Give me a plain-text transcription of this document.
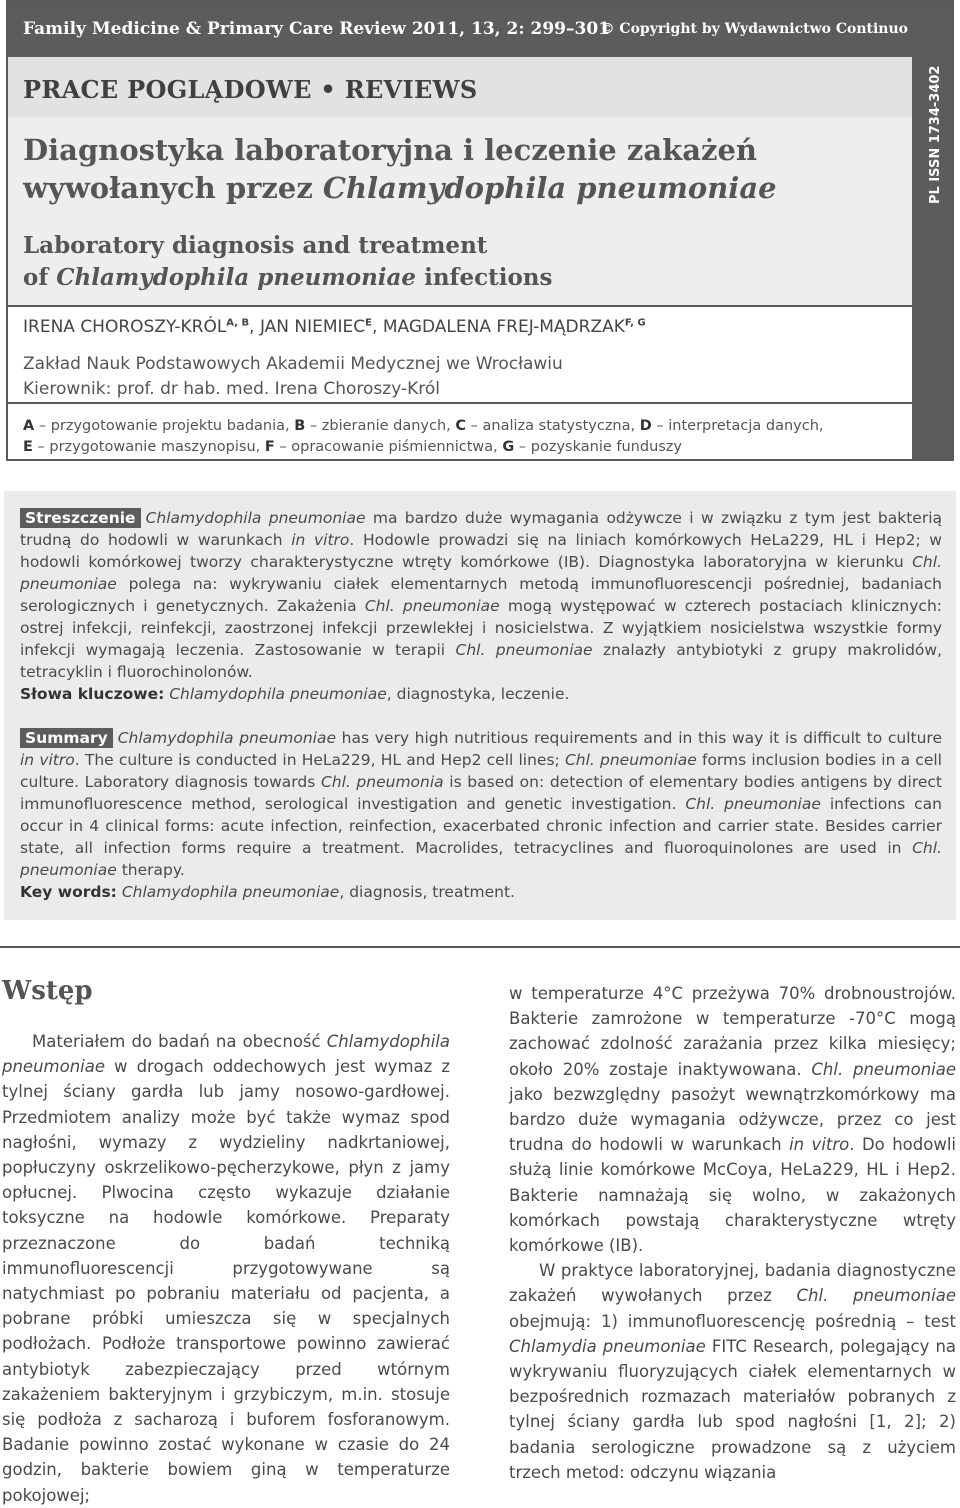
Family Medicine & Primary Care Review 2011, 13, 2: 299–301
© Copyright by Wydawnictwo Continuo
PL ISSN 1734-3402
PRACE POGLĄDOWE • REVIEWS
Diagnostyka laboratoryjna i leczenie zakażeń
wywołanych przez Chlamydophila pneumoniae
Laboratory diagnosis and treatment
of Chlamydophila pneumoniae infections
IRENA CHOROSZY-$KRÓL^{A, B}$, JAN $NIEMIEC^E$, MAGDALENA FREJ-$MĄDRZAK^{F, G}$
Zakład Nauk Podstawowych Akademii Medycznej we Wrocławiu
Kierownik: prof. dr hab. med. Irena Choroszy-Król
A – przygotowanie projektu badania, B – zbieranie danych, C – analiza statystyczna, D – interpretacja danych,
E – przygotowanie maszynopisu, F – opracowanie piśmiennictwa, G – pozyskanie funduszy
Streszczenie Chlamydophila pneumoniae ma bardzo duże wymagania odżywcze i w związku z tym jest bakterią trudną do hodowli w warunkach in vitro. Hodowle prowadzi się na liniach komórkowych HeLa229, HL i Hep2; w hodowli komórkowej tworzy charakterystyczne wtręty komórkowe (IB). Diagnostyka laboratoryjna w kierunku Chl. pneumoniae polega na: wykrywaniu ciałek elementarnych metodą immunofluorescencji pośredniej, badaniach serologicznych i genetycznych. Zakażenia Chl. pneumoniae mogą występować w czterech postaciach klinicznych: ostrej infekcji, reinfekcji, zaostrzonej infekcji przewlekłej i nosicielstwa. Z wyjątkiem nosicielstwa wszystkie formy infekcji wymagają leczenia. Zastosowanie w terapii Chl. pneumoniae znalazły antybiotyki z grupy makrolidów, tetracyklin i fluorochinolonów.
Słowa kluczowe: Chlamydophila pneumoniae, diagnostyka, leczenie.
Summary Chlamydophila pneumoniae has very high nutritious requirements and in this way it is difficult to culture in vitro. The culture is conducted in HeLa229, HL and Hep2 cell lines; Chl. pneumoniae forms inclusion bodies in a cell culture. Laboratory diagnosis towards Chl. pneumonia is based on: detection of elementary bodies antigens by direct immunofluorescence method, serological investigation and genetic investigation. Chl. pneumoniae infections can occur in 4 clinical forms: acute infection, reinfection, exacerbated chronic infection and carrier state. Besides carrier state, all infection forms require a treatment. Macrolides, tetracyclines and fluoroquinolones are used in Chl. pneumoniae therapy.
Key words: Chlamydophila pneumoniae, diagnosis, treatment.
Wstęp
Materiałem do badań na obecność Chlamydophila pneumoniae w drogach oddechowych jest wymaz z tylnej ściany gardła lub jamy nosowo-gardłowej. Przedmiotem analizy może być także wymaz spod nagłośni, wymazy z wydzieliny nadkrtaniowej, popłuczyny oskrzelikowo-pęcherzykowe, płyn z jamy opłucnej. Plwocina często wykazuje działanie toksyczne na hodowle komórkowe. Preparaty przeznaczone do badań techniką immunofluorescencji przygotowywane są natychmiast po pobraniu materiału od pacjenta, a pobrane próbki umieszcza się w specjalnych podłożach. Podłoże transportowe powinno zawierać antybiotyk zabezpieczający przed wtórnym zakażeniem bakteryjnym i grzybiczym, m.in. stosuje się podłoża z sacharozą i buforem fosforanowym. Badanie powinno zostać wykonane w czasie do 24 godzin, bakterie bowiem giną w temperaturze pokojowej;

w temperaturze 4°C przeżywa 70% drobnoustrojów. Bakterie zamrożone w temperaturze -70°C mogą zachować zdolność zarażania przez kilka miesięcy; około 20% zostaje inaktywowana. Chl. pneumoniae jako bezwzględny pasożyt wewnątrzkomórkowy ma bardzo duże wymagania odżywcze, przez co jest trudna do hodowli w warunkach in vitro. Do hodowli służą linie komórkowe McCoya, HeLa229, HL i Hep2. Bakterie namnażają się wolno, w zakażonych komórkach powstają charakterystyczne wtręty komórkowe (IB).

W praktyce laboratoryjnej, badania diagnostyczne zakażeń wywołanych przez Chl. pneumoniae obejmują: 1) immunofluorescencję pośrednią – test Chlamydia pneumoniae FITC Research, polegający na wykrywaniu fluoryzujących ciałek elementarnych w bezpośrednich rozmazach materiałów pobranych z tylnej ściany gardła lub spod nagłośni [1, 2]; 2) badania serologiczne prowadzone są z użyciem trzech metod: odczynu wiązania
